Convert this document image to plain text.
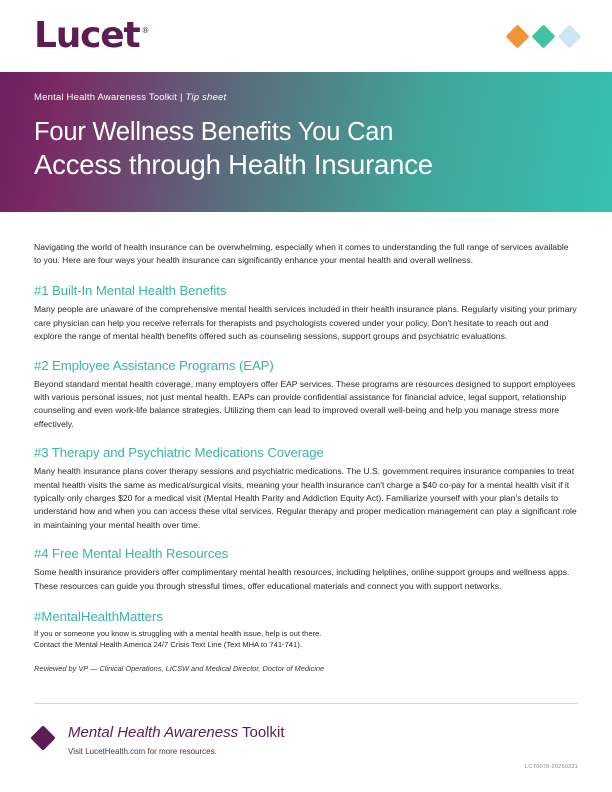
Lucet ®
Mental Health Awareness Toolkit | Tip sheet
Four Wellness Benefits You Can
Access through Health Insurance

Navigating the world of health insurance can be overwhelming, especially when it comes to understanding the full range of services available to you. Here are four ways your health insurance can significantly enhance your mental health and overall wellness.

#1 Built-In Mental Health Benefits

Many people are unaware of the comprehensive mental health services included in their health insurance plans. Regularly visiting your primary care physician can help you receive referrals for therapists and psychologists covered under your policy. Don't hesitate to reach out and explore the range of mental health benefits offered such as counseling sessions, support groups and psychiatric evaluations.

#2 Employee Assistance Programs (EAP)

Beyond standard mental health coverage, many employers offer EAP services. These programs are resources designed to support employees with various personal issues, not just mental health. EAPs can provide confidential assistance for financial advice, legal support, relationship counseling and even work-life balance strategies. Utilizing them can lead to improved overall well-being and help you manage stress more effectively.

#3 Therapy and Psychiatric Medications Coverage

Many health insurance plans cover therapy sessions and psychiatric medications. The U.S. government requires insurance companies to treat mental health visits the same as medical/surgical visits, meaning your health insurance can't charge a $40 co-pay for a mental health visit if it typically only charges $20 for a medical visit (Mental Health Parity and Addiction Equity Act). Familiarize yourself with your plan's details to understand how and when you can access these vital services. Regular therapy and proper medication management can play a significant role in maintaining your mental health over time.

#4 Free Mental Health Resources

Some health insurance providers offer complimentary mental health resources, including helplines, online support groups and wellness apps. These resources can guide you through stressful times, offer educational materials and connect you with support networks.

#MentalHealthMatters

If you or someone you know is struggling with a mental health issue, help is out there.

Contact the Mental Health America 24/7 Crisis Text Line (Text MHA to 741-741).

Reviewed by VP — Clinical Operations, LICSW and Medical Director, Doctor of Medicine
Mental Health Awareness Toolkit
Visit LucetHealth.com for more resources.
LCT0078-20250321
